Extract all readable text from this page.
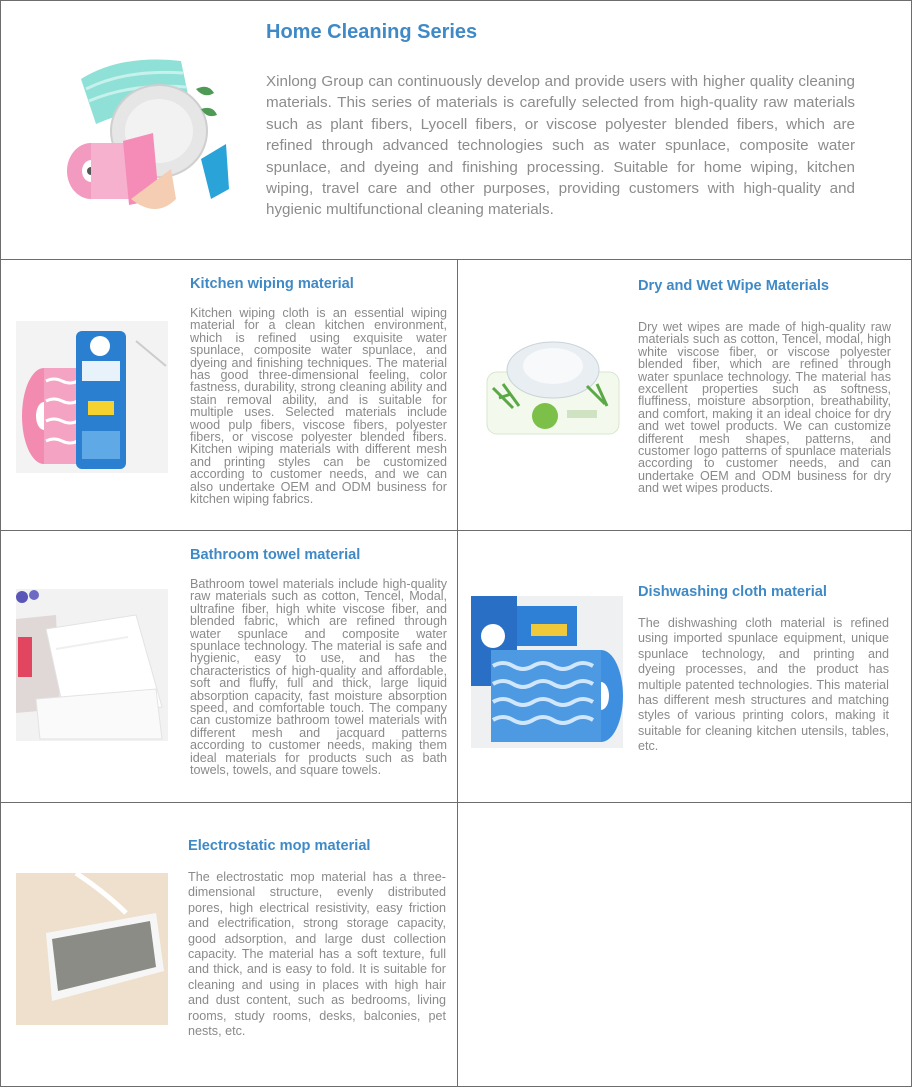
Home Cleaning Series

Xinlong Group can continuously develop and provide users with higher quality cleaning materials. This series of materials is carefully selected from high-quality raw materials such as plant fibers, Lyocell fibers, or viscose polyester blended fibers, which are refined through advanced technologies such as water spunlace, composite water spunlace, and dyeing and finishing processing. Suitable for home wiping, kitchen wiping, travel care and other purposes, providing customers with high-quality and hygienic multifunctional cleaning materials.

Kitchen wiping material

Kitchen wiping cloth is an essential wiping material for a clean kitchen environment, which is refined using exquisite water spunlace, composite water spunlace, and dyeing and finishing techniques. The material has good three-dimensional feeling, color fastness, durability, strong cleaning ability and stain removal ability, and is suitable for multiple uses. Selected materials include wood pulp fibers, viscose fibers, polyester fibers, or viscose polyester blended fibers. Kitchen wiping materials with different mesh and printing styles can be customized according to customer needs, and we can also undertake OEM and ODM business for kitchen wiping fabrics.

Dry and Wet Wipe Materials

Dry wet wipes are made of high-quality raw materials such as cotton, Tencel, modal, high white viscose fiber, or viscose polyester blended fiber, which are refined through water spunlace technology. The material has excellent properties such as softness, fluffiness, moisture absorption, breathability, and comfort, making it an ideal choice for dry and wet towel products. We can customize different mesh shapes, patterns, and customer logo patterns of spunlace materials according to customer needs, and can undertake OEM and ODM business for dry and wet wipes products.

Bathroom towel material

Bathroom towel materials include high-quality raw materials such as cotton, Tencel, Modal, ultrafine fiber, high white viscose fiber, and blended fabric, which are refined through water spunlace and composite water spunlace technology. The material is safe and hygienic, easy to use, and has the characteristics of high-quality and affordable, soft and fluffy, full and thick, large liquid absorption capacity, fast moisture absorption speed, and comfortable touch. The company can customize bathroom towel materials with different mesh and jacquard patterns according to customer needs, making them ideal materials for products such as bath towels, towels, and square towels.

Dishwashing cloth material

The dishwashing cloth material is refined using imported spunlace equipment, unique spunlace technology, and printing and dyeing processes, and the product has multiple patented technologies. This material has different mesh structures and matching styles of various printing colors, making it suitable for cleaning kitchen utensils, tables, etc.

Electrostatic mop material

The electrostatic mop material has a three-dimensional structure, evenly distributed pores, high electrical resistivity, easy friction and electrification, strong storage capacity, good adsorption, and large dust collection capacity. The material has a soft texture, full and thick, and is easy to fold. It is suitable for cleaning and using in places with high hair and dust content, such as bedrooms, living rooms, study rooms, desks, balconies, pet nests, etc.
